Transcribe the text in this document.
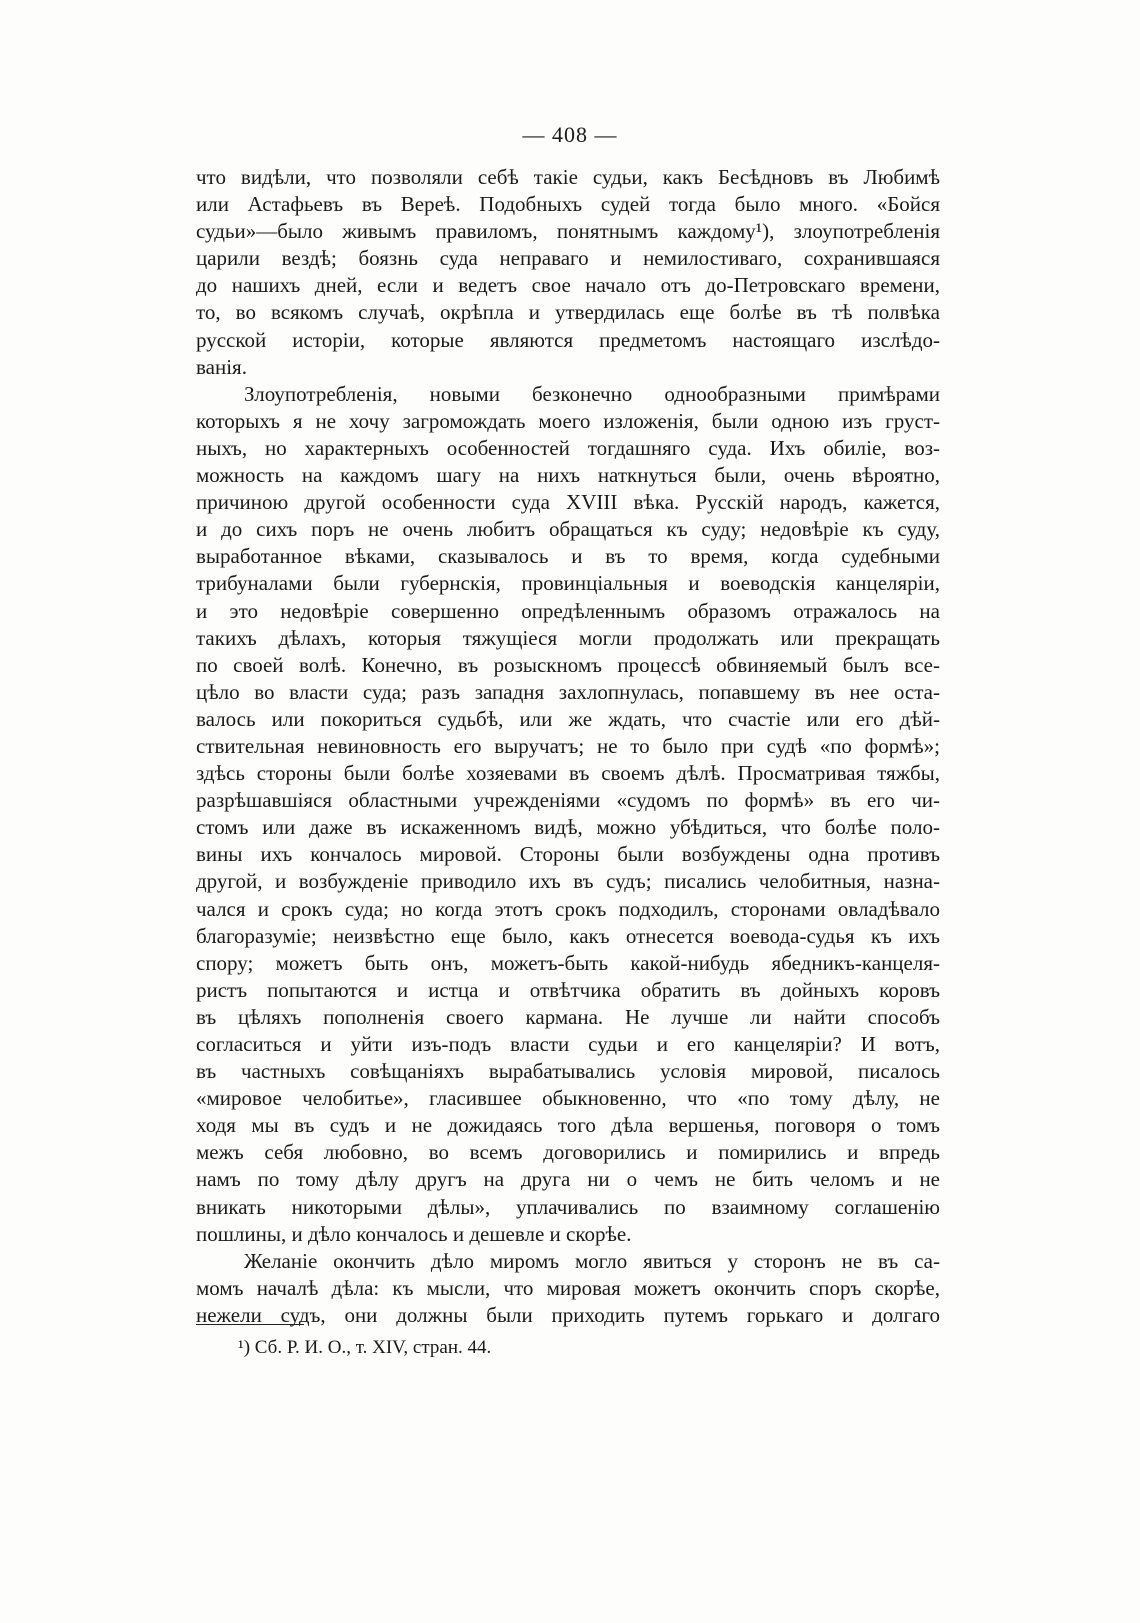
— 408 —
что видѣли, что позволяли себѣ такіе судьи, какъ Бесѣдновъ въ Любимѣ
или Астафьевъ въ Вереѣ. Подобныхъ судей тогда было много. «Бойся
судьи»—было живымъ правиломъ, понятнымъ каждому¹), злоупотребленія
царили вездѣ; боязнь суда неправаго и немилостиваго, сохранившаяся
до нашихъ дней, если и ведетъ свое начало отъ до-Петровскаго времени,
то, во всякомъ случаѣ, окрѣпла и утвердилась еще болѣе въ тѣ полвѣка
русской исторіи, которые являются предметомъ настоящаго изслѣдо-
ванія.
Злоупотребленія, новыми безконечно однообразными примѣрами
которыхъ я не хочу загромождать моего изложенія, были одною изъ груст-
ныхъ, но характерныхъ особенностей тогдашняго суда. Ихъ обиліе, воз-
можность на каждомъ шагу на нихъ наткнуться были, очень вѣроятно,
причиною другой особенности суда XVIII вѣка. Русскій народъ, кажется,
и до сихъ поръ не очень любитъ обращаться къ суду; недовѣріе къ суду,
выработанное вѣками, сказывалось и въ то время, когда судебными
трибуналами были губернскія, провинціальныя и воеводскія канцеляріи,
и это недовѣріе совершенно опредѣленнымъ образомъ отражалось на
такихъ дѣлахъ, которыя тяжущіеся могли продолжать или прекращать
по своей волѣ. Конечно, въ розыскномъ процессѣ обвиняемый былъ все-
цѣло во власти суда; разъ западня захлопнулась, попавшему въ нее оста-
валось или покориться судьбѣ, или же ждать, что счастіе или его дѣй-
ствительная невиновность его выручатъ; не то было при судѣ «по формѣ»;
здѣсь стороны были болѣе хозяевами въ своемъ дѣлѣ. Просматривая тяжбы,
разрѣшавшіяся областными учрежденіями «судомъ по формѣ» въ его чи-
стомъ или даже въ искаженномъ видѣ, можно убѣдиться, что болѣе поло-
вины ихъ кончалось мировой. Стороны были возбуждены одна противъ
другой, и возбужденіе приводило ихъ въ судъ; писались челобитныя, назна-
чался и срокъ суда; но когда этотъ срокъ подходилъ, сторонами овладѣвало
благоразуміе; неизвѣстно еще было, какъ отнесется воевода-судья къ ихъ
спору; можетъ быть онъ, можетъ-быть какой-нибудь ябедникъ-канцеля-
ристъ попытаются и истца и отвѣтчика обратить въ дойныхъ коровъ
въ цѣляхъ пополненія своего кармана. Не лучше ли найти способъ
согласиться и уйти изъ-подъ власти судьи и его канцеляріи? И вотъ,
въ частныхъ совѣщаніяхъ вырабатывались условія мировой, писалось
«мировое челобитье», гласившее обыкновенно, что «по тому дѣлу, не
ходя мы въ судъ и не дожидаясь того дѣла вершенья, поговоря о томъ
межъ себя любовно, во всемъ договорились и помирились и впредь
намъ по тому дѣлу другъ на друга ни о чемъ не бить челомъ и не
вникать никоторыми дѣлы», уплачивались по взаимному соглашенію
пошлины, и дѣло кончалось и дешевле и скорѣе.
Желаніе окончить дѣло миромъ могло явиться у сторонъ не въ са-
момъ началѣ дѣла: къ мысли, что мировая можетъ окончить споръ скорѣе,
нежели судъ, они должны были приходить путемъ горькаго и долгаго
¹) Сб. Р. И. О., т. XIV, стран. 44.
